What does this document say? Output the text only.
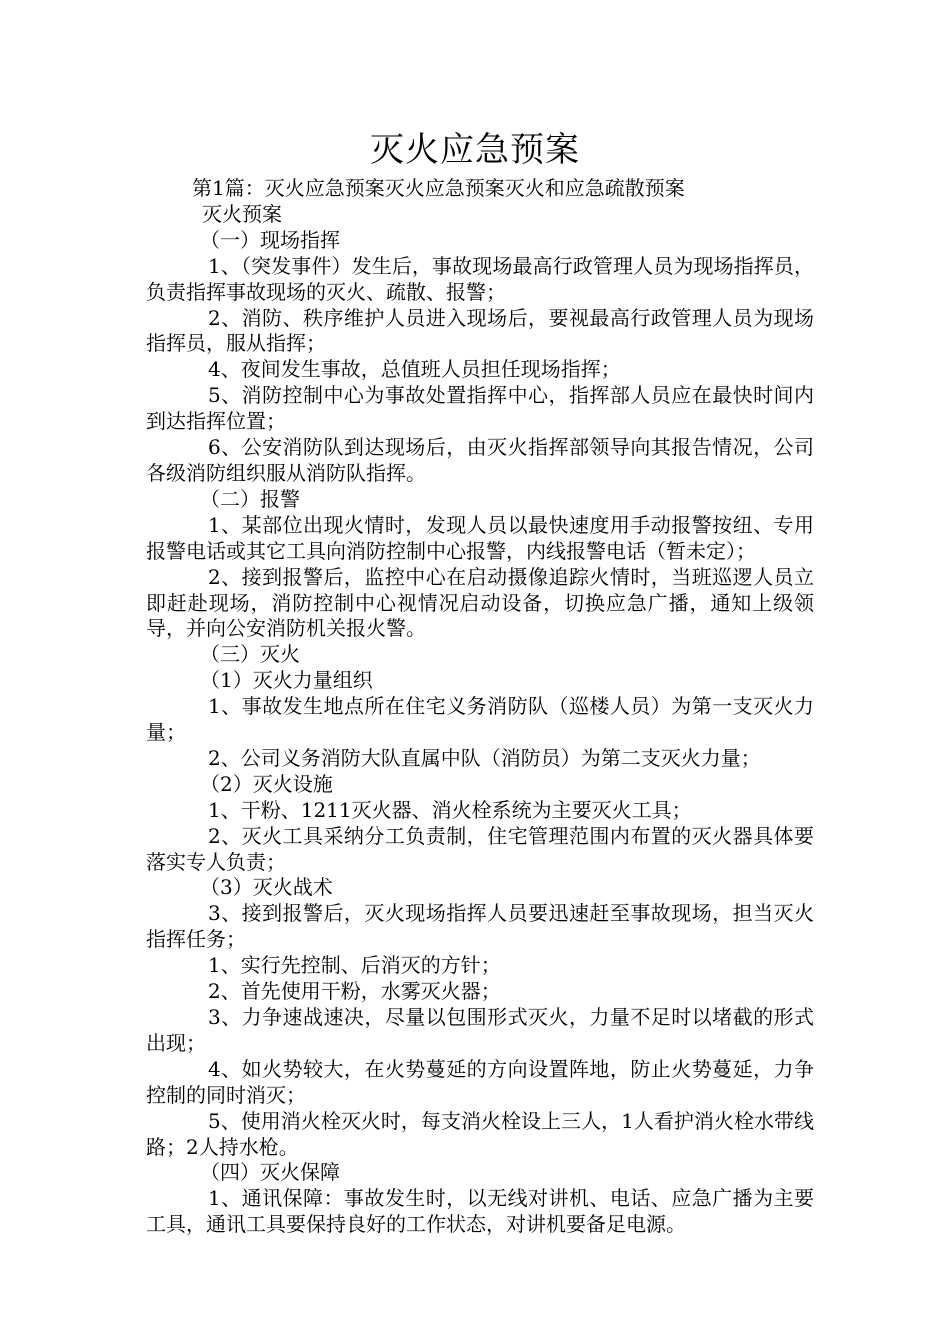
灭火应急预案

第1篇：灭火应急预案灭火应急预案灭火和应急疏散预案

灭火预案

（一）现场指挥

1、（突发事件）发生后，事故现场最高行政管理人员为现场指挥员，负责指挥事故现场的灭火、疏散、报警；

2、消防、秩序维护人员进入现场后，要视最高行政管理人员为现场指挥员，服从指挥；

4、夜间发生事故，总值班人员担任现场指挥；

5、消防控制中心为事故处置指挥中心，指挥部人员应在最快时间内到达指挥位置；

6、公安消防队到达现场后，由灭火指挥部领导向其报告情况，公司各级消防组织服从消防队指挥。

（二）报警

1、某部位出现火情时，发现人员以最快速度用手动报警按纽、专用报警电话或其它工具向消防控制中心报警，内线报警电话（暂未定）；

2、接到报警后，监控中心在启动摄像追踪火情时，当班巡逻人员立即赶赴现场，消防控制中心视情况启动设备，切换应急广播，通知上级领导，并向公安消防机关报火警。

（三）灭火

（1）灭火力量组织

1、事故发生地点所在住宅义务消防队（巡楼人员）为第一支灭火力量；

2、公司义务消防大队直属中队（消防员）为第二支灭火力量；

（2）灭火设施

1、干粉、1211灭火器、消火栓系统为主要灭火工具；

2、灭火工具采纳分工负责制，住宅管理范围内布置的灭火器具体要落实专人负责；

（3）灭火战术

3、接到报警后，灭火现场指挥人员要迅速赶至事故现场，担当灭火指挥任务；

1、实行先控制、后消灭的方针；

2、首先使用干粉，水雾灭火器；

3、力争速战速决，尽量以包围形式灭火，力量不足时以堵截的形式出现；

4、如火势较大，在火势蔓延的方向设置阵地，防止火势蔓延，力争控制的同时消灭；

5、使用消火栓灭火时，每支消火栓设上三人，1人看护消火栓水带线路；2人持水枪。

（四）灭火保障

1、通讯保障：事故发生时，以无线对讲机、电话、应急广播为主要工具，通讯工具要保持良好的工作状态，对讲机要备足电源。
